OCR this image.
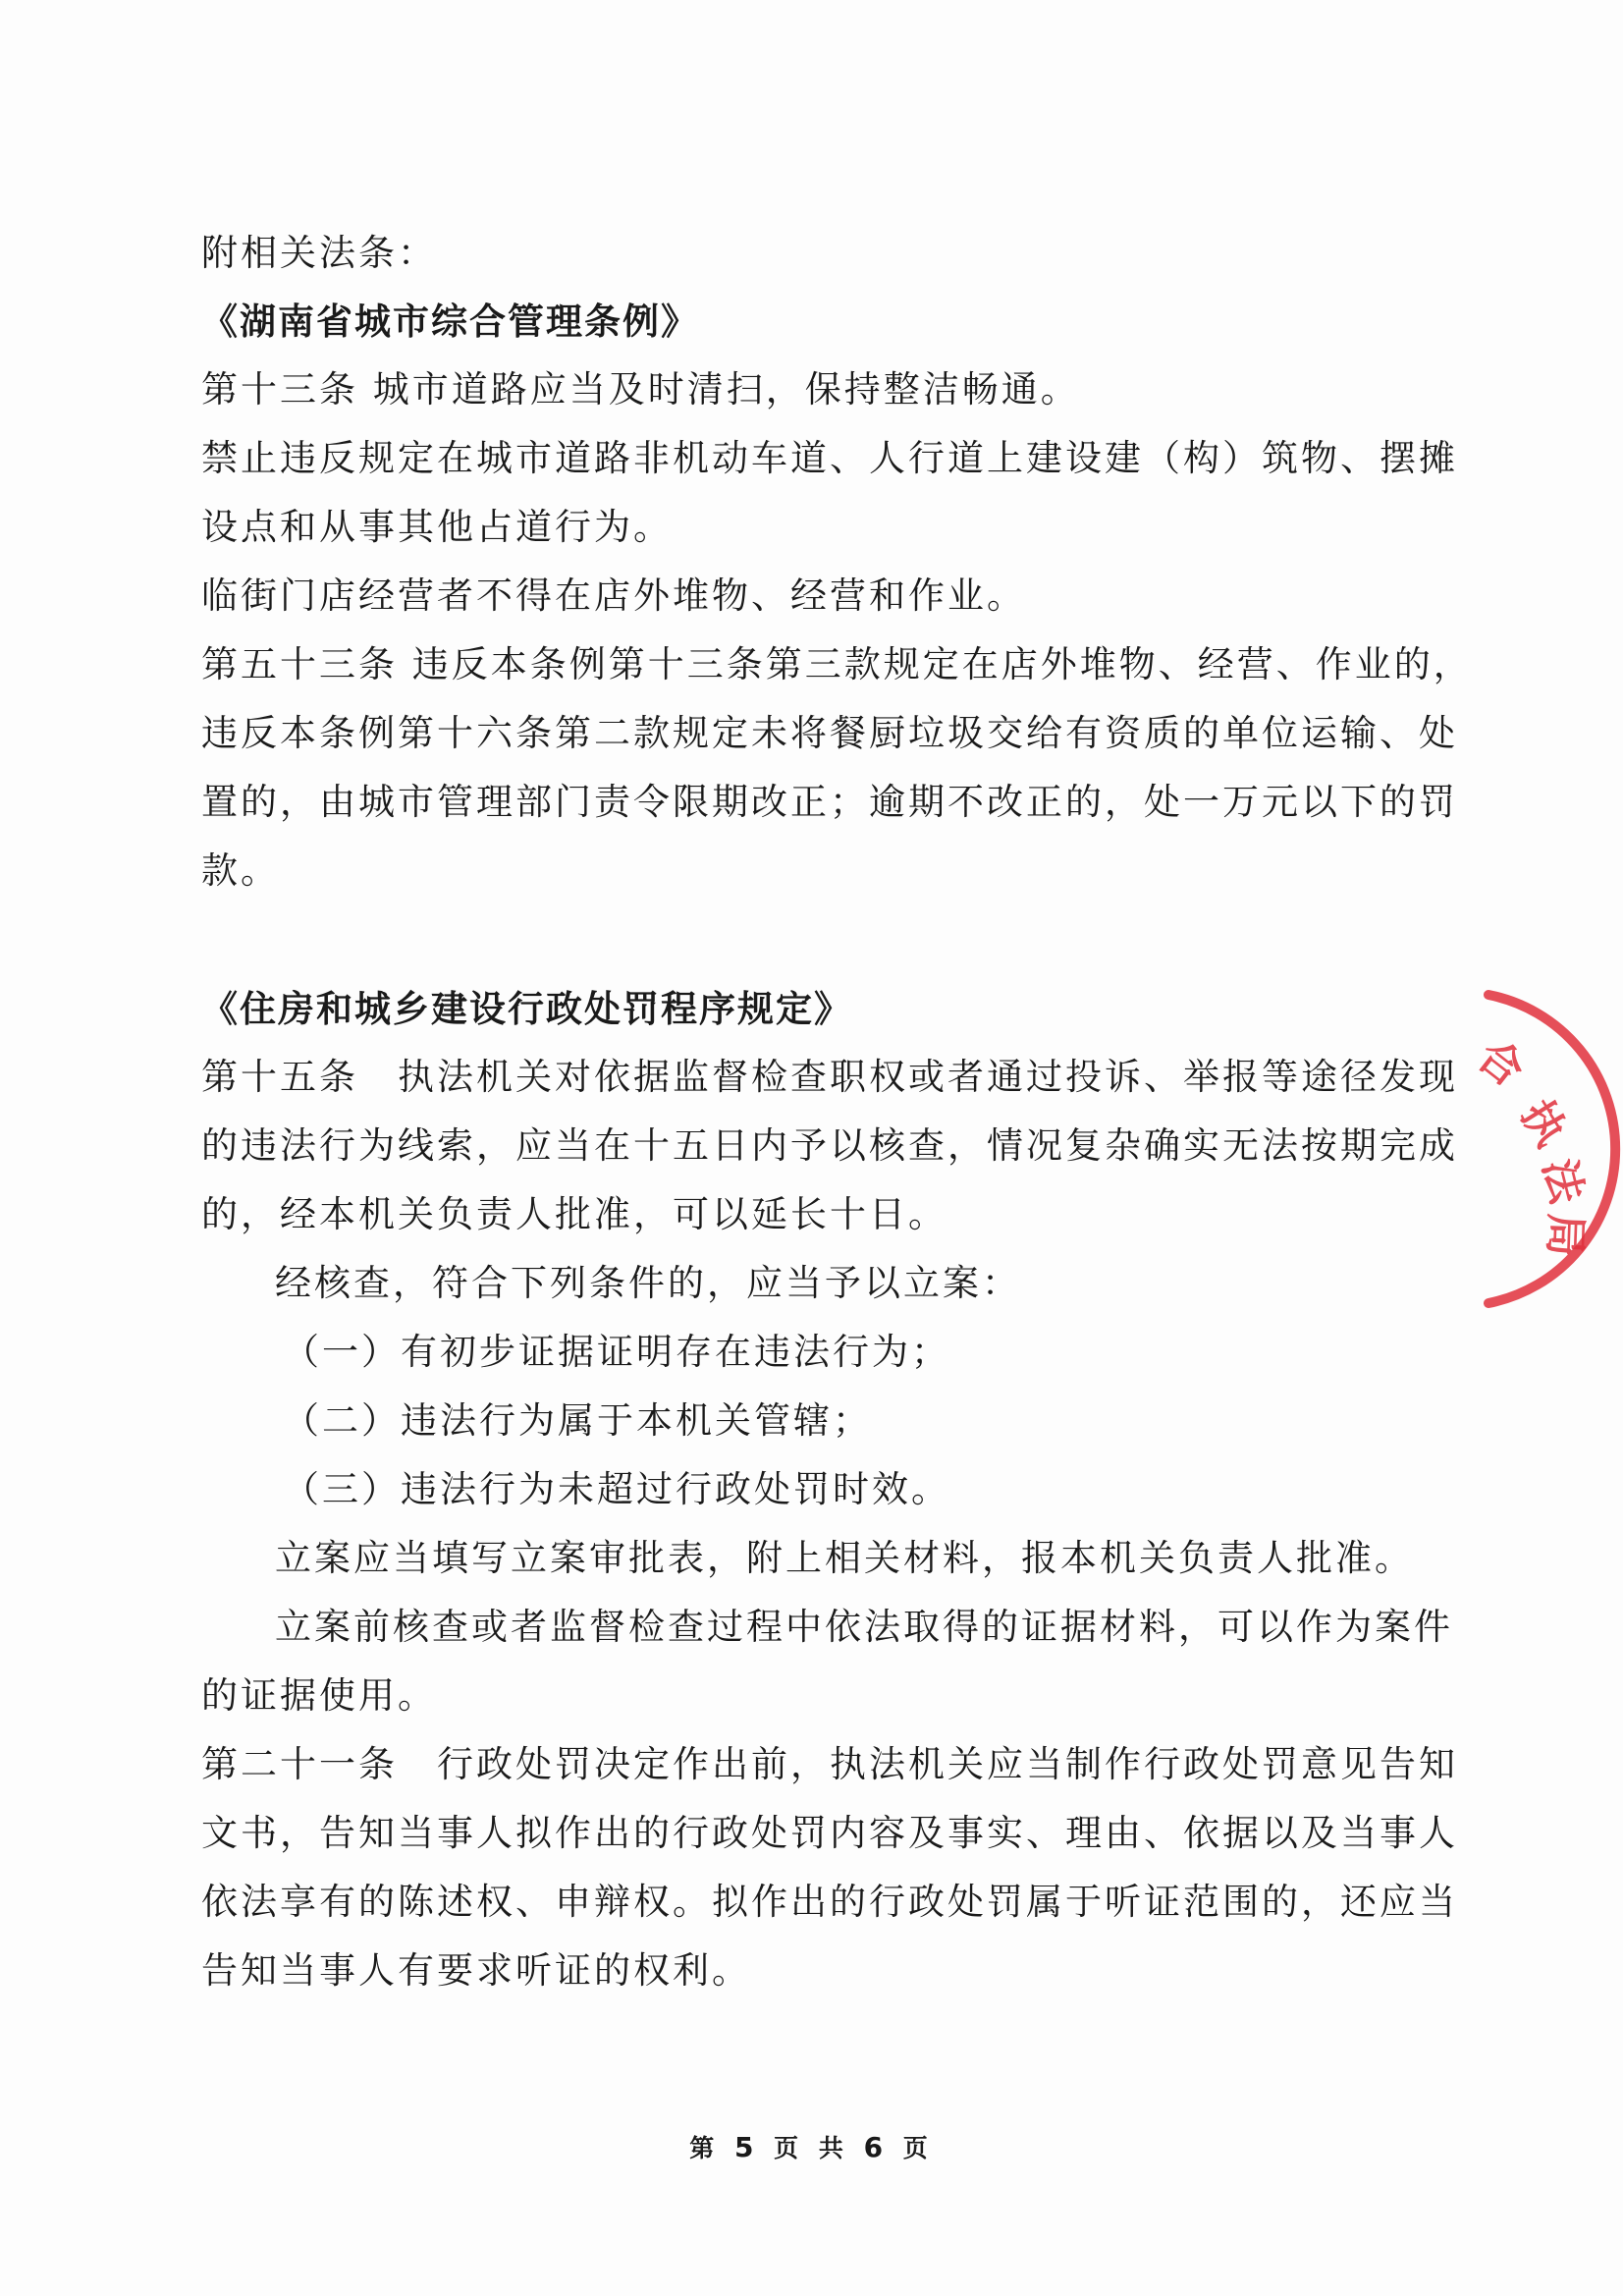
附相关法条：
《湖南省城市综合管理条例》
第十三条 城市道路应当及时清扫，保持整洁畅通。
禁止违反规定在城市道路非机动车道、人行道上建设建（构）筑物、摆摊
设点和从事其他占道行为。
临街门店经营者不得在店外堆物、经营和作业。
第五十三条 违反本条例第十三条第三款规定在店外堆物、经营、作业的，
违反本条例第十六条第二款规定未将餐厨垃圾交给有资质的单位运输、处
置的，由城市管理部门责令限期改正；逾期不改正的，处一万元以下的罚
款。
《住房和城乡建设行政处罚程序规定》
第十五条　执法机关对依据监督检查职权或者通过投诉、举报等途径发现
的违法行为线索，应当在十五日内予以核查，情况复杂确实无法按期完成
的，经本机关负责人批准，可以延长十日。
经核查，符合下列条件的，应当予以立案：
（一）有初步证据证明存在违法行为；
（二）违法行为属于本机关管辖；
（三）违法行为未超过行政处罚时效。
立案应当填写立案审批表，附上相关材料，报本机关负责人批准。
立案前核查或者监督检查过程中依法取得的证据材料，可以作为案件
的证据使用。
第二十一条　行政处罚决定作出前，执法机关应当制作行政处罚意见告知
文书，告知当事人拟作出的行政处罚内容及事实、理由、依据以及当事人
依法享有的陈述权、申辩权。拟作出的行政处罚属于听证范围的，还应当
告知当事人有要求听证的权利。
第 5 页 共 6 页
合
执
法
局
